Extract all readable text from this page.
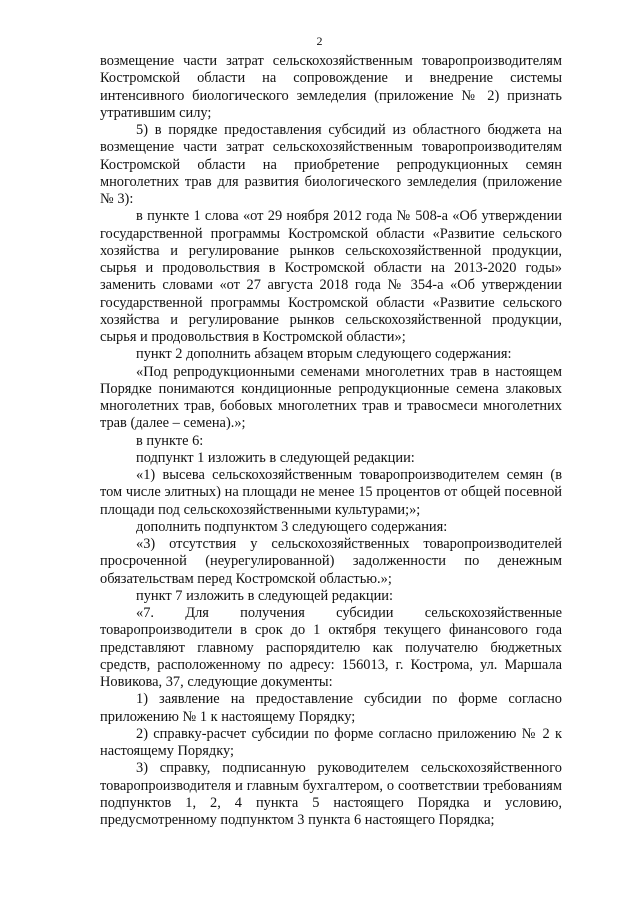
2

возмещение части затрат сельскохозяйственным товаропроизводителям Костромской области на сопровождение и внедрение системы интенсивного биологического земледелия (приложение № 2) признать утратившим силу;

5) в порядке предоставления субсидий из областного бюджета на возмещение части затрат сельскохозяйственным товаропроизводителям Костромской области на приобретение репродукционных семян многолетних трав для развития биологического земледелия (приложение № 3):

в пункте 1 слова «от 29 ноября 2012 года № 508-а «Об утверждении государственной программы Костромской области «Развитие сельского хозяйства и регулирование рынков сельскохозяйственной продукции, сырья и продовольствия в Костромской области на 2013-2020 годы» заменить словами «от 27 августа 2018 года № 354-а «Об утверждении государственной программы Костромской области «Развитие сельского хозяйства и регулирование рынков сельскохозяйственной продукции, сырья и продовольствия в Костромской области»;

пункт 2 дополнить абзацем вторым следующего содержания:

«Под репродукционными семенами многолетних трав в настоящем Порядке понимаются кондиционные репродукционные семена злаковых многолетних трав, бобовых многолетних трав и травосмеси многолетних трав (далее – семена).»;

в пункте 6:

подпункт 1 изложить в следующей редакции:

«1) высева сельскохозяйственным товаропроизводителем семян (в том числе элитных) на площади не менее 15 процентов от общей посевной площади под сельскохозяйственными культурами;»;

дополнить подпунктом 3 следующего содержания:

«3) отсутствия у сельскохозяйственных товаропроизводителей просроченной (неурегулированной) задолженности по денежным обязательствам перед Костромской областью.»;

пункт 7 изложить в следующей редакции:

«7. Для получения субсидии сельскохозяйственные товаропроизводители в срок до 1 октября текущего финансового года представляют главному распорядителю как получателю бюджетных средств, расположенному по адресу: 156013, г. Кострома, ул. Маршала Новикова, 37, следующие документы:

1) заявление на предоставление субсидии по форме согласно приложению № 1 к настоящему Порядку;

2) справку-расчет субсидии по форме согласно приложению № 2 к настоящему Порядку;

3) справку, подписанную руководителем сельскохозяйственного товаропроизводителя и главным бухгалтером, о соответствии требованиям подпунктов 1, 2, 4 пункта 5 настоящего Порядка и условию, предусмотренному подпунктом 3 пункта 6 настоящего Порядка;
